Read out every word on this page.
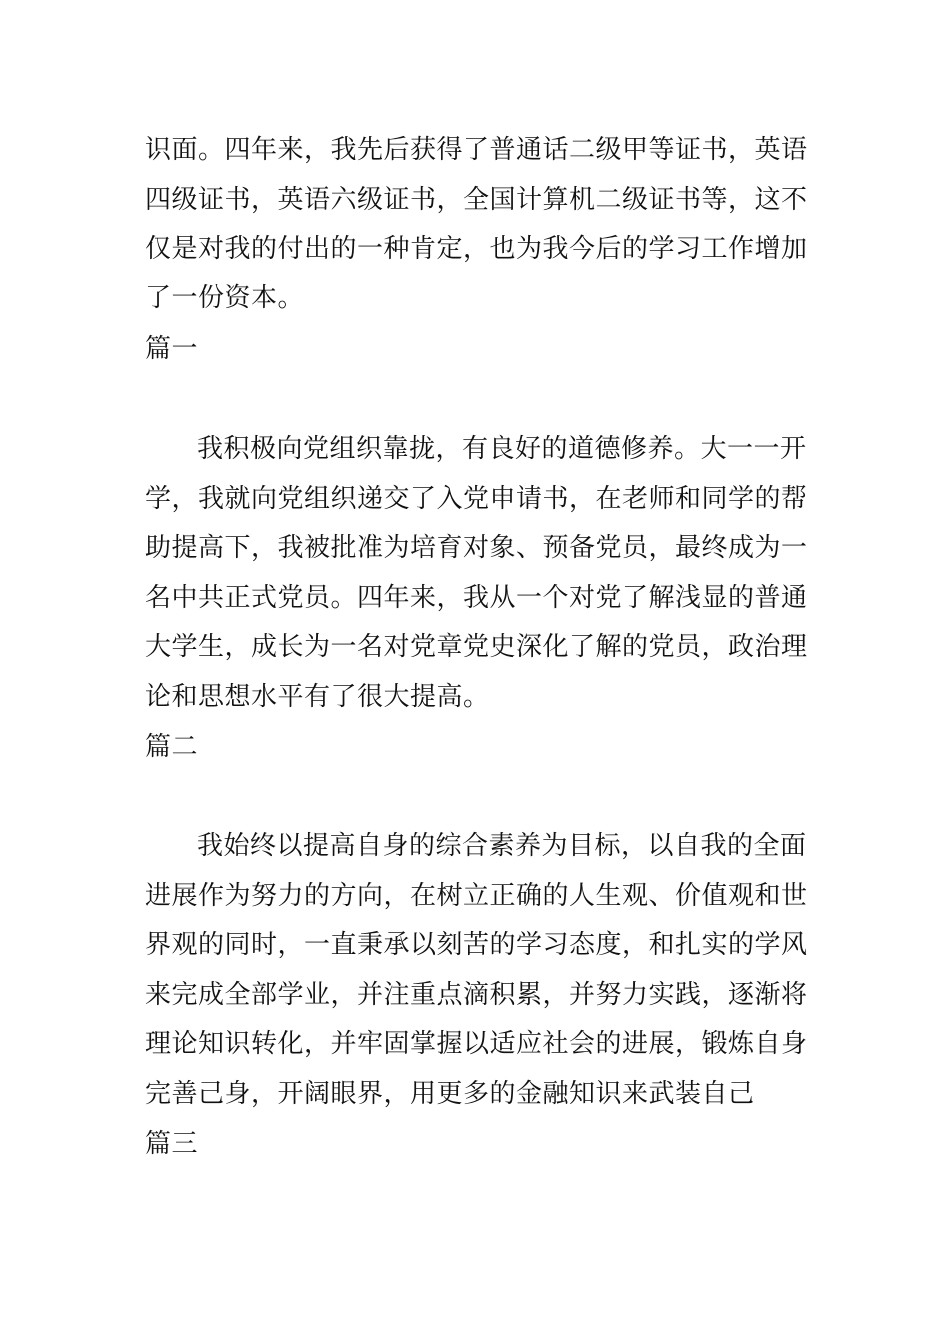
识面。四年来，我先后获得了普通话二级甲等证书，英语
四级证书，英语六级证书，全国计算机二级证书等，这不
仅是对我的付出的一种肯定，也为我今后的学习工作增加
了一份资本。
篇一
我积极向党组织靠拢，有良好的道德修养。大一一开
学，我就向党组织递交了入党申请书，在老师和同学的帮
助提高下，我被批准为培育对象、预备党员，最终成为一
名中共正式党员。四年来，我从一个对党了解浅显的普通
大学生，成长为一名对党章党史深化了解的党员，政治理
论和思想水平有了很大提高。
篇二
我始终以提高自身的综合素养为目标，以自我的全面
进展作为努力的方向，在树立正确的人生观、价值观和世
界观的同时，一直秉承以刻苦的学习态度，和扎实的学风
来完成全部学业，并注重点滴积累，并努力实践，逐渐将
理论知识转化，并牢固掌握以适应社会的进展，锻炼自身
完善己身，开阔眼界，用更多的金融知识来武装自己
篇三
